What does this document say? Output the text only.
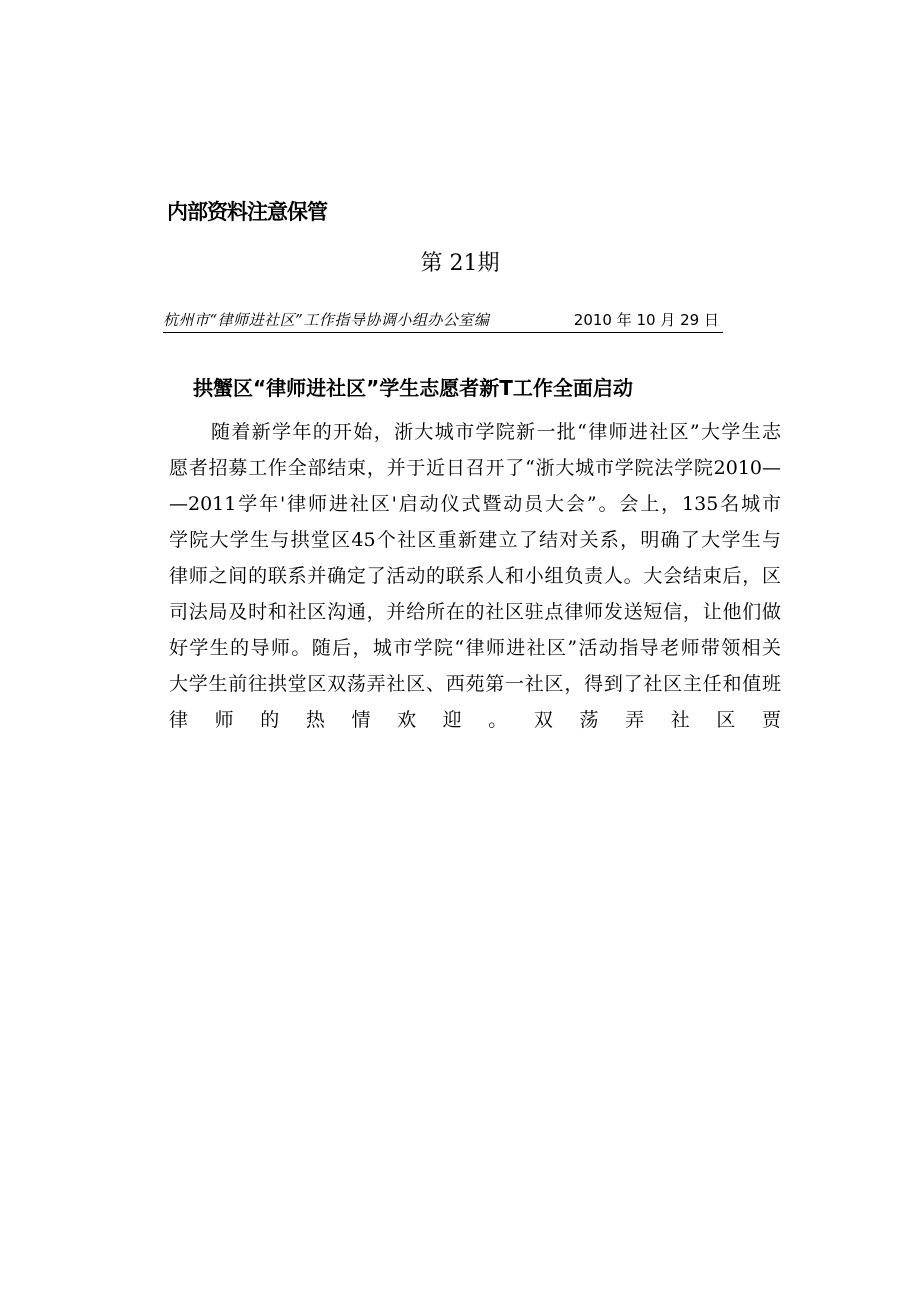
内部资料注意保管
第 21期
杭州市“律师进社区”工作指导协调小组办公室编	2010 年 10 月 29 日
拱蟹区“律师进社区”学生志愿者新T工作全面启动
随着新学年的开始，浙大城市学院新一批“律师进社区”大学生志
愿者招募工作全部结束，并于近日召开了“浙大城市学院法学院2010—
—2011学年'律师进社区'启动仪式暨动员大会”。会上，135名城市
学院大学生与拱堂区45个社区重新建立了结对关系，明确了大学生与
律师之间的联系并确定了活动的联系人和小组负责人。大会结束后，区
司法局及时和社区沟通，并给所在的社区驻点律师发送短信，让他们做
好学生的导师。随后，城市学院“律师进社区”活动指导老师带领相关
大学生前往拱堂区双荡弄社区、西苑第一社区，得到了社区主任和值班
律师的热情欢迎。双荡弄社区贾
